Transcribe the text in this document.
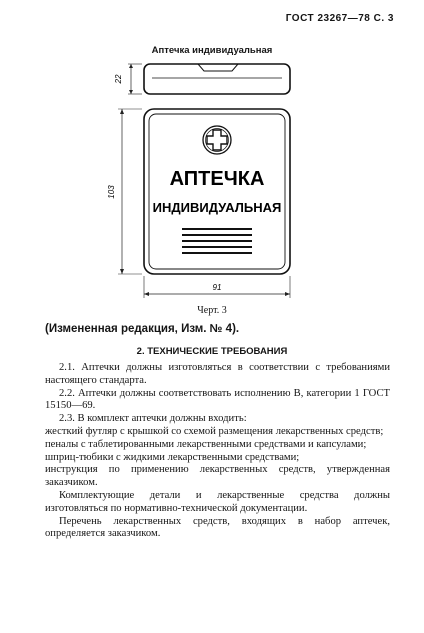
ГОСТ 23267—78 С. 3
Аптечка индивидуальная
22
АПТЕЧКА
ИНДИВИДУАЛЬНАЯ
103
91
Черт. 3
(Измененная редакция, Изм. № 4).
2. ТЕХНИЧЕСКИЕ ТРЕБОВАНИЯ

2.1. Аптечки должны изготовляться в соответствии с требованиями настоящего стандарта.

2.2. Аптечки должны соответствовать исполнению В, категории 1 ГОСТ 15150—69.

2.3. В комплект аптечки должны входить:

жесткий футляр с крышкой со схемой размещения лекарственных средств;

пеналы с таблетированными лекарственными средствами и капсулами;

шприц-тюбики с жидкими лекарственными средствами;

инструкция по применению лекарственных средств, утвержденная заказчиком.

Комплектующие детали и лекарственные средства должны изготовляться по нормативно-технической документации.

Перечень лекарственных средств, входящих в набор аптечек, определяется заказчиком.
